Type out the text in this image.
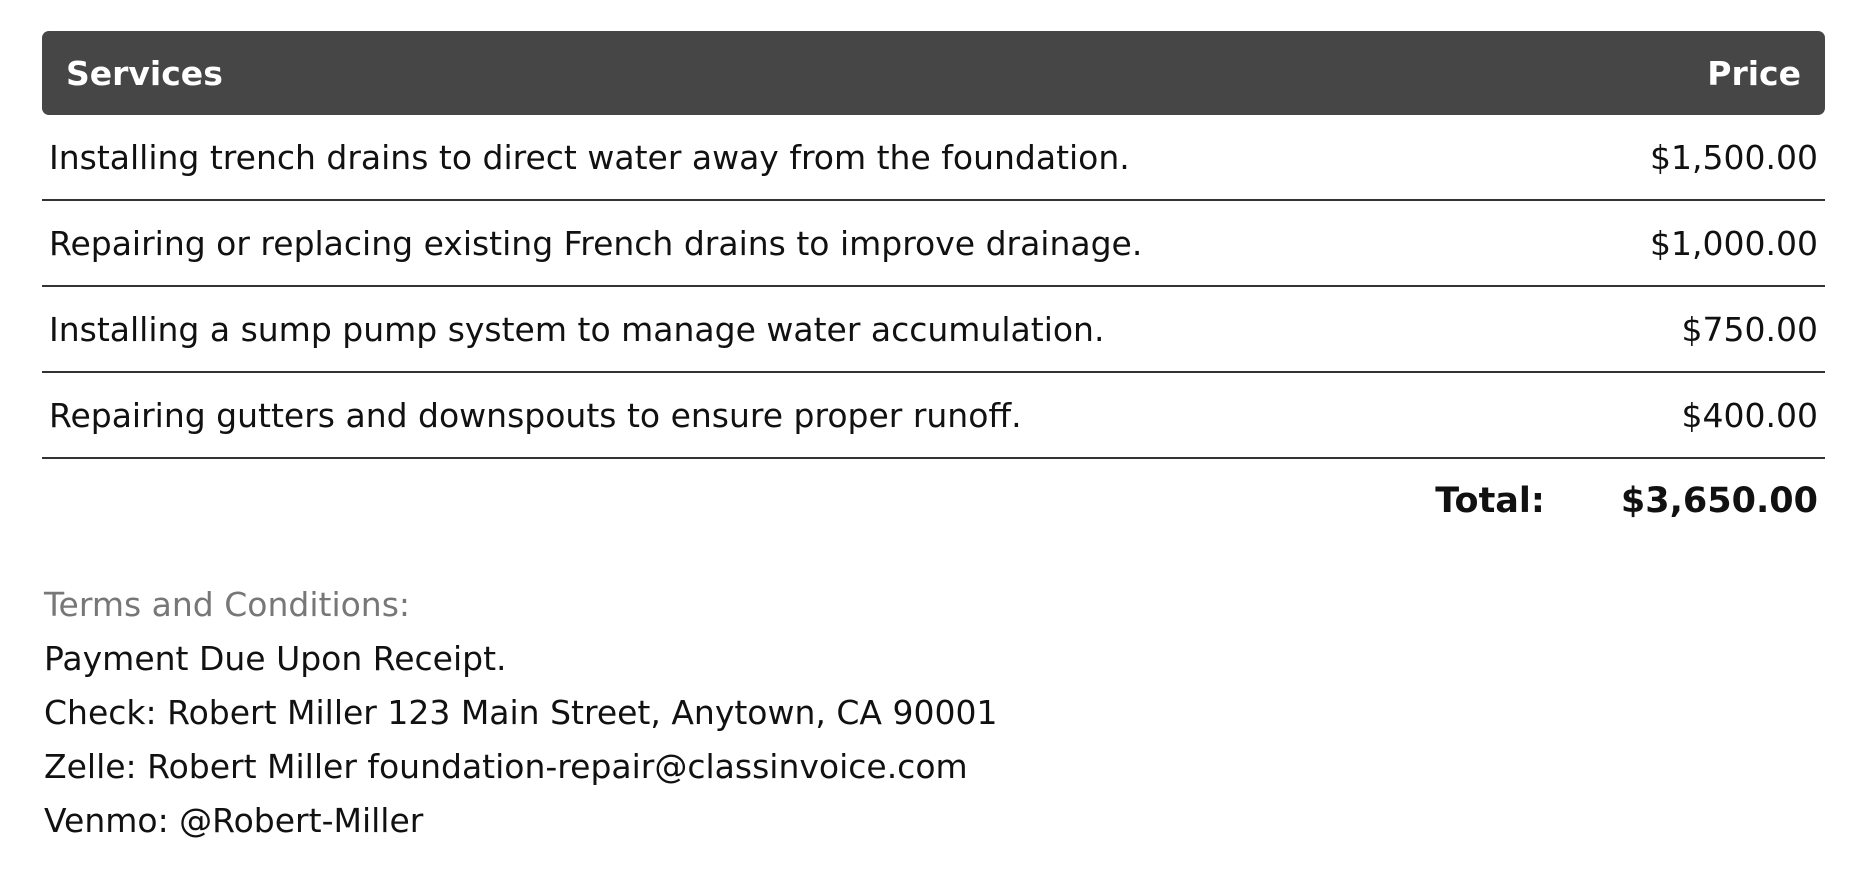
Services	Price
Installing trench drains to direct water away from the foundation.	$1,500.00
Repairing or replacing existing French drains to improve drainage.	$1,000.00
Installing a sump pump system to manage water accumulation.	$750.00
Repairing gutters and downspouts to ensure proper runoff.	$400.00
Total: $3,650.00
Terms and Conditions:
Payment Due Upon Receipt.
Check: Robert Miller 123 Main Street, Anytown, CA 90001
Zelle: Robert Miller foundation-repair@classinvoice.com
Venmo: @Robert-Miller
